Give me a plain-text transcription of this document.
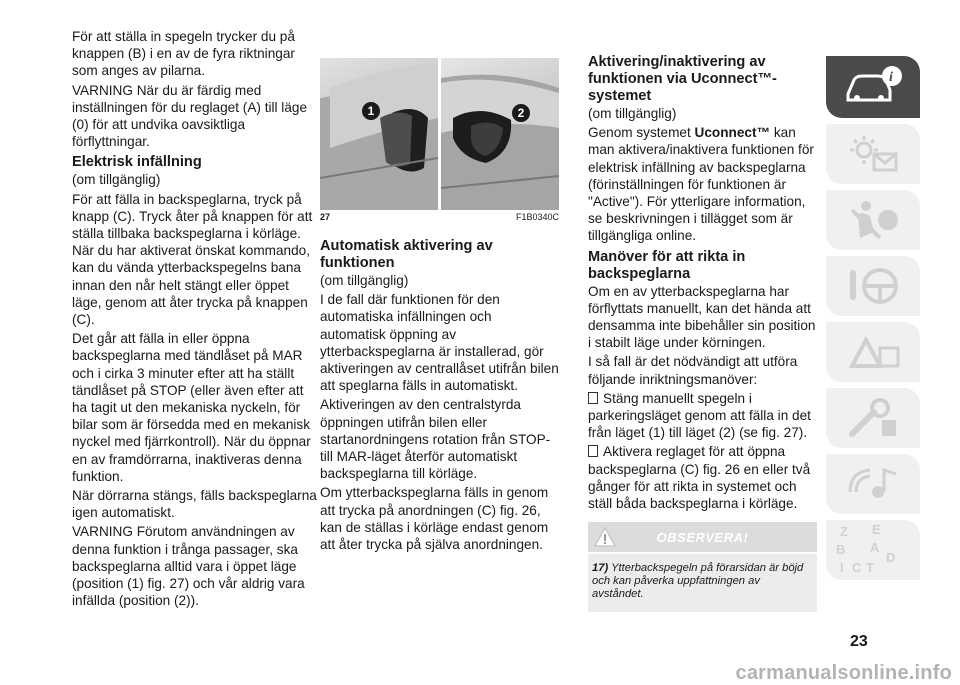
För att ställa in spegeln trycker du på knappen (B) i en av de fyra riktningar som anges av pilarna.

VARNING När du är färdig med inställningen för du reglaget (A) till läge (0) för att undvika oavsiktliga förflyttningar.

Elektrisk infällning

(om tillgänglig)

För att fälla in backspeglarna, tryck på knapp (C). Tryck åter på knappen för att ställa tillbaka backspeglarna i körläge. När du har aktiverat önskat kommando, kan du vända ytterbackspegelns bana innan den når helt stängt eller öppet läge, genom att åter trycka på knappen (C).

Det går att fälla in eller öppna backspeglarna med tändlåset på MAR och i cirka 3 minuter efter att ha ställt tändlåset på STOP (eller även efter att ha tagit ut den mekaniska nyckeln, för bilar som är försedda med en mekanisk nyckel med fjärrkontroll). När du öppnar en av framdörrarna, inaktiveras denna funktion.

När dörrarna stängs, fälls backspeglarna igen automatiskt.

VARNING Förutom användningen av denna funktion i trånga passager, ska backspeglarna alltid vara i öppet läge (position (1) fig. 27) och vår aldrig vara infällda (position (2)).

1	2
27	F1B0340C
Automatisk aktivering av funktionen

(om tillgänglig)

I de fall där funktionen för den automatiska infällningen och automatisk öppning av ytterbackspeglarna är installerad, gör aktiveringen av centrallåset utifrån bilen att speglarna fälls in automatiskt.

Aktiveringen av den centralstyrda öppningen utifrån bilen eller startanordningens rotation från STOP-till MAR-läget återför automatiskt backspeglarna till körläge.

Om ytterbackspeglarna fälls in genom att trycka på anordningen (C) fig. 26, kan de ställas i körläge endast genom att åter trycka på själva anordningen.

Aktivering/inaktivering av funktionen via Uconnect™-systemet

(om tillgänglig)

Genom systemet Uconnect™ kan man aktivera/inaktivera funktionen för elektrisk infällning av backspeglarna (förinställningen för funktionen är "Active"). För ytterligare information, se beskrivningen i tillägget som är tillgängliga online.

Manöver för att rikta in backspeglarna

Om en av ytterbackspeglarna har förflyttats manuellt, kan det hända att densamma inte bibehåller sin position i stabilt läge under körningen.

I så fall är det nödvändigt att utföra följande inriktningsmanöver:

Stäng manuellt spegeln i parkeringsläget genom att fälla in det från läget (1) till läget (2) (se fig. 27).

Aktivera reglaget för att öppna backspeglarna (C) fig. 26 en eller två gånger för att rikta in systemet och ställ båda backspeglarna i körläge.

OBSERVERA!
17) Ytterbackspegeln på förarsidan är böjd och kan påverka uppfattningen av avståndet.
i
Z E
B A
I C T
D
23
carmanualsonline.info
